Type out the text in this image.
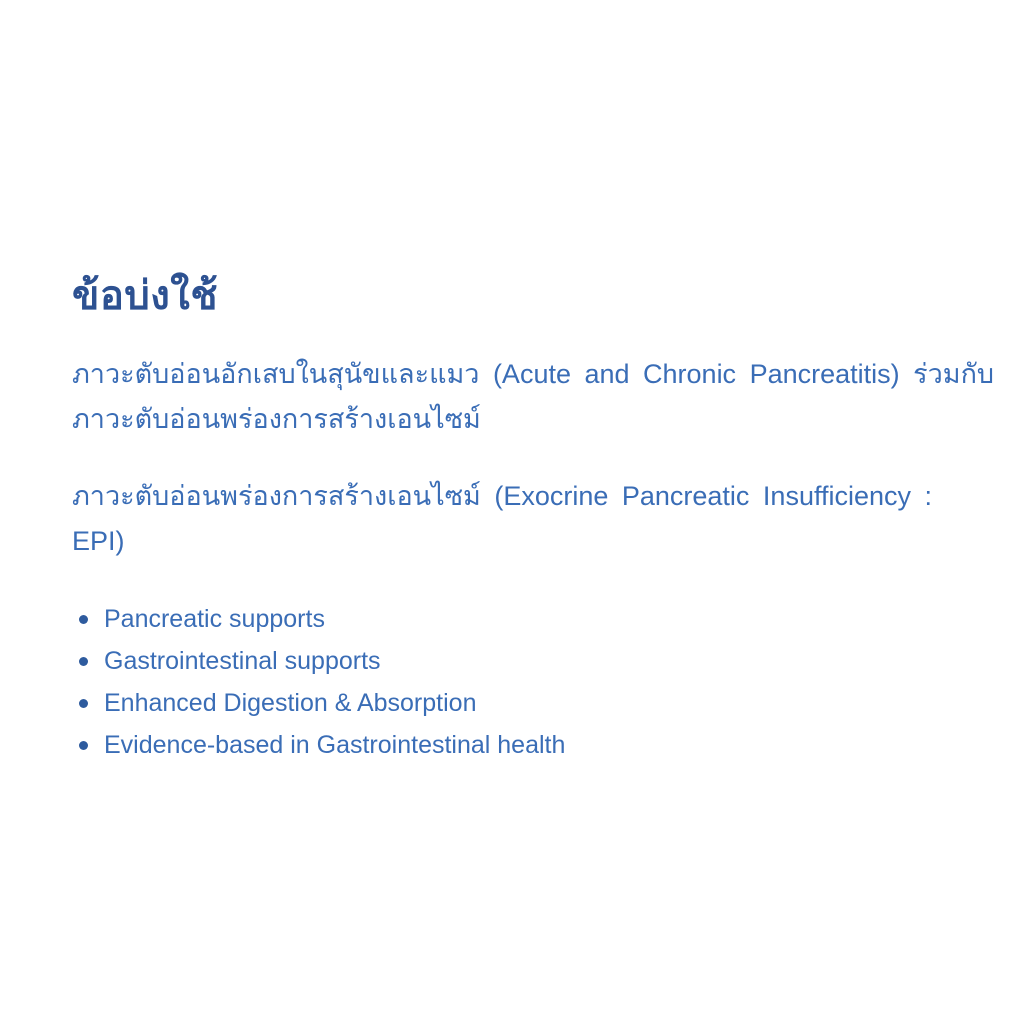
ข้อบ่งใช้

ภาวะตับอ่อนอักเสบในสุนัขและแมว (Acute and Chronic Pancreatitis) ร่วมกับ
ภาวะตับอ่อนพร่องการสร้างเอนไซม์

ภาวะตับอ่อนพร่องการสร้างเอนไซม์ (Exocrine Pancreatic Insufficiency :
EPI)

Pancreatic supports
Gastrointestinal supports
Enhanced Digestion & Absorption
Evidence-based in Gastrointestinal health
